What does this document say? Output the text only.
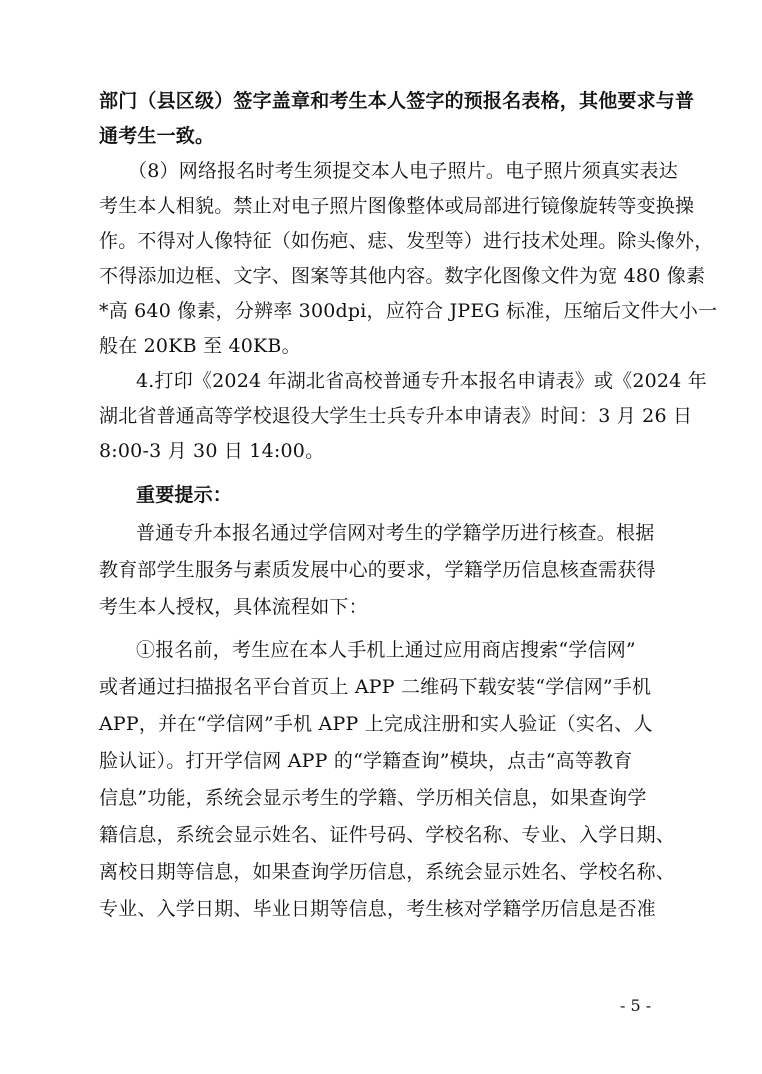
部门（县区级）签字盖章和考生本人签字的预报名表格，其他要求与普
通考生一致。
（8）网络报名时考生须提交本人电子照片。电子照片须真实表达
考生本人相貌。禁止对电子照片图像整体或局部进行镜像旋转等变换操
作。不得对人像特征（如伤疤、痣、发型等）进行技术处理。除头像外，
不得添加边框、文字、图案等其他内容。数字化图像文件为宽 480 像素
*高 640 像素，分辨率 300dpi，应符合 JPEG 标准，压缩后文件大小一
般在 20KB 至 40KB。
4.打印《2024 年湖北省高校普通专升本报名申请表》或《2024 年
湖北省普通高等学校退役大学生士兵专升本申请表》时间：3 月 26 日
8:00-3 月 30 日 14:00。
重要提示：
普通专升本报名通过学信网对考生的学籍学历进行核查。根据
教育部学生服务与素质发展中心的要求，学籍学历信息核查需获得
考生本人授权，具体流程如下：
①报名前，考生应在本人手机上通过应用商店搜索“学信网”
或者通过扫描报名平台首页上 APP 二维码下载安装“学信网”手机
APP，并在“学信网”手机 APP 上完成注册和实人验证（实名、人
脸认证）。打开学信网 APP 的“学籍查询”模块，点击“高等教育
信息”功能，系统会显示考生的学籍、学历相关信息，如果查询学
籍信息，系统会显示姓名、证件号码、学校名称、专业、入学日期、
离校日期等信息，如果查询学历信息，系统会显示姓名、学校名称、
专业、入学日期、毕业日期等信息，考生核对学籍学历信息是否准
- 5 -
